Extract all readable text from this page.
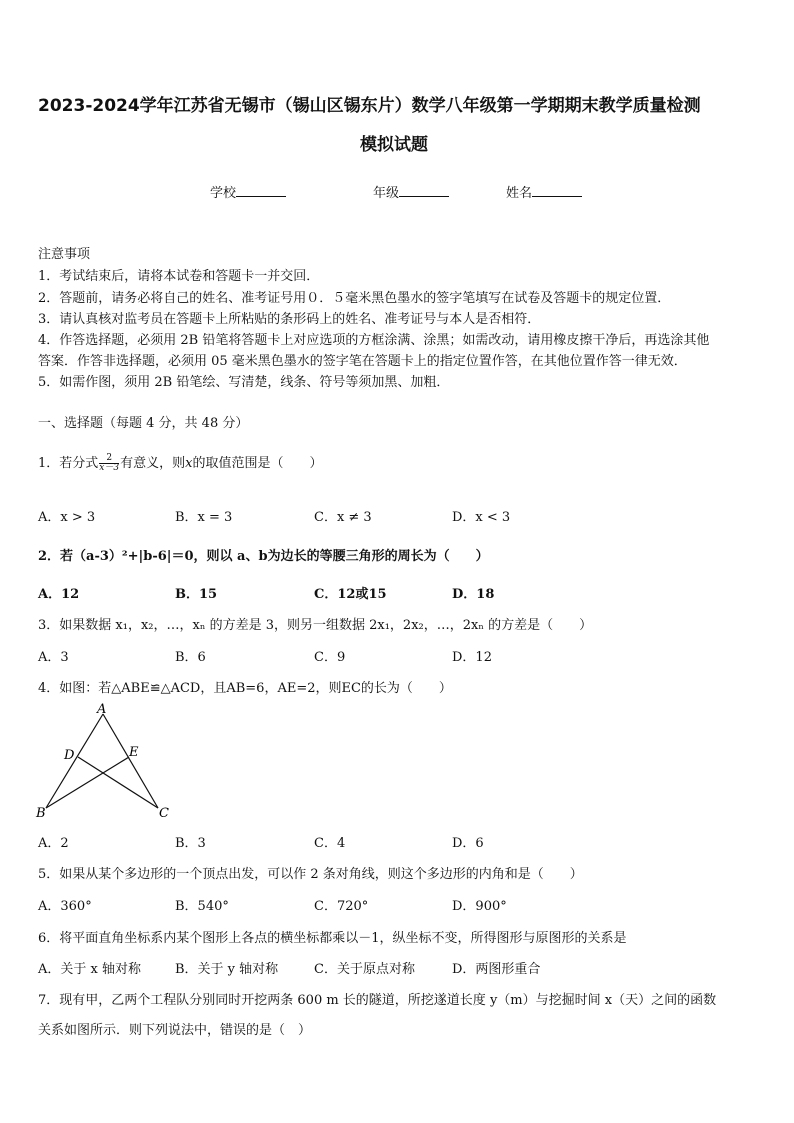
2023-2024学年江苏省无锡市（锡山区锡东片）数学八年级第一学期期末教学质量检测
模拟试题
学校	年级	姓名
注意事项
1．考试结束后，请将本试卷和答题卡一并交回．
2．答题前，请务必将自己的姓名、准考证号用０．５毫米黑色墨水的签字笔填写在试卷及答题卡的规定位置．
3．请认真核对监考员在答题卡上所粘贴的条形码上的姓名、准考证号与本人是否相符．
4．作答选择题，必须用 2B 铅笔将答题卡上对应选项的方框涂满、涂黑；如需改动，请用橡皮擦干净后，再选涂其他
答案．作答非选择题，必须用 05 毫米黑色墨水的签字笔在答题卡上的指定位置作答，在其他位置作答一律无效．
5．如需作图，须用 2B 铅笔绘、写清楚，线条、符号等须加黑、加粗．
一、选择题（每题 4 分，共 48 分）
1．若分式 $\frac{2}{x-3}$ 有意义，则x的取值范围是（　　）
A．x > 3	B．x = 3	C．x ≠ 3	D．x < 3
2．若（a-3）²+|b-6|＝0，则以 a、b为边长的等腰三角形的周长为（　　）
A．12	B．15	C．12或15	D．18
3．如果数据 x₁，x₂，…，xₙ 的方差是 3，则另一组数据 2x₁，2x₂，…，2xₙ 的方差是（　　）
A．3	B．6	C．9	D．12
4．如图：若△ABE≌△ACD，且AB=6，AE=2，则EC的长为（　　）
A
D	E
B	C
A．2	B．3	C．4	D．6
5．如果从某个多边形的一个顶点出发，可以作 2 条对角线，则这个多边形的内角和是（　　）
A．360°	B．540°	C．720°	D．900°
6．将平面直角坐标系内某个图形上各点的横坐标都乘以－1，纵坐标不变，所得图形与原图形的关系是
A．关于 x 轴对称	B．关于 y 轴对称	C．关于原点对称	D．两图形重合
7．现有甲，乙两个工程队分别同时开挖两条 600 m 长的隧道，所挖遂道长度 y（m）与挖掘时间 x（天）之间的函数
关系如图所示．则下列说法中，错误的是（　）
